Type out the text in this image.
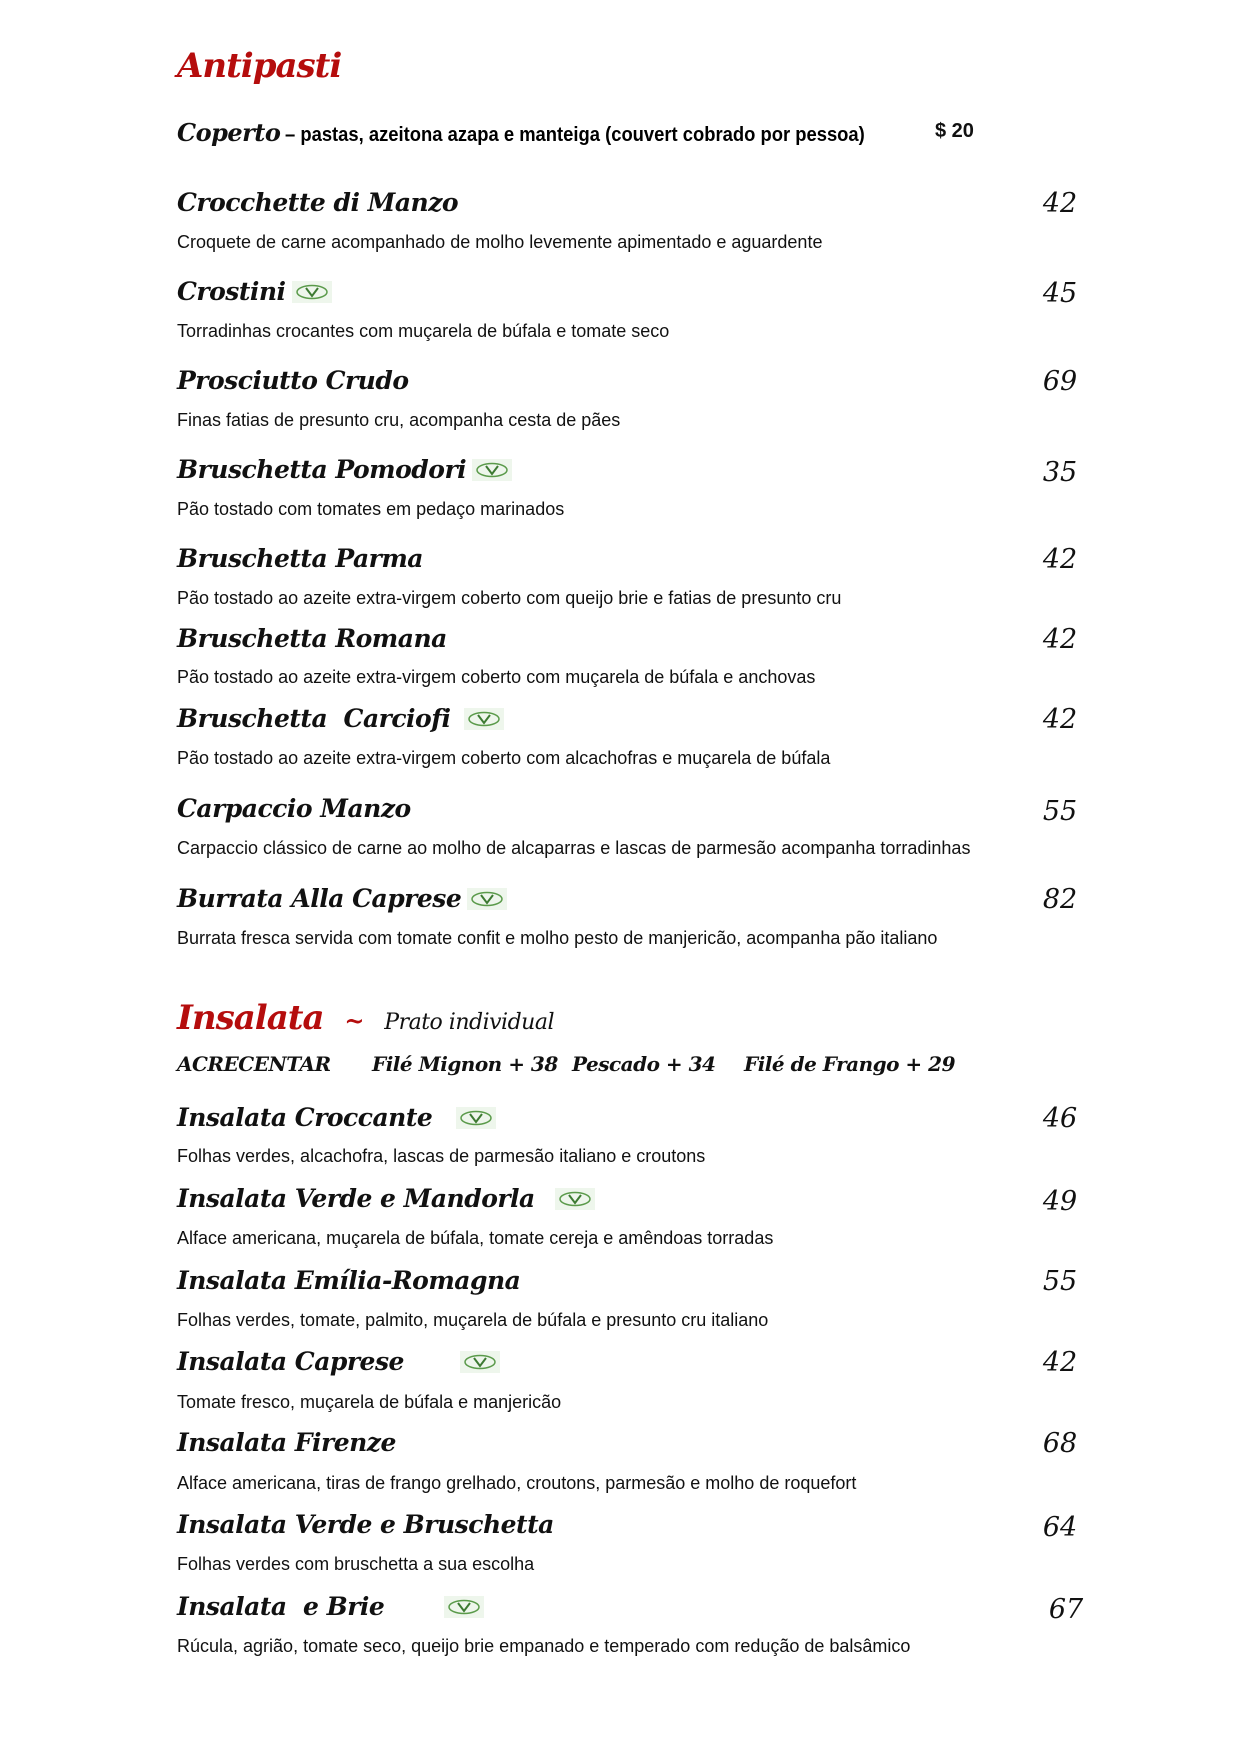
Antipasti
Coperto – pastas, azeitona azapa e manteiga (couvert cobrado por pessoa)	$ 20
Crocchette di Manzo	42
Croquete de carne acompanhado de molho levemente apimentado e aguardente
Crostini	45
Torradinhas crocantes com muçarela de búfala e tomate seco
Prosciutto Crudo	69
Finas fatias de presunto cru, acompanha cesta de pães
Bruschetta Pomodori	35
Pão tostado com tomates em pedaço marinados
Bruschetta Parma	42
Pão tostado ao azeite extra-virgem coberto com queijo brie e fatias de presunto cru
Bruschetta Romana	42
Pão tostado ao azeite extra-virgem coberto com muçarela de búfala e anchovas
Bruschetta  Carciofi	42
Pão tostado ao azeite extra-virgem coberto com alcachofras e muçarela de búfala
Carpaccio Manzo	55
Carpaccio clássico de carne ao molho de alcaparras e lascas de parmesão acompanha torradinhas
Burrata Alla Caprese	82
Burrata fresca servida com tomate confit e molho pesto de manjericão, acompanha pão italiano
Insalata ~ Prato individual
ACRECENTAR Filé Mignon + 38 Pescado + 34 Filé de Frango + 29
Insalata Croccante	46
Folhas verdes, alcachofra, lascas de parmesão italiano e croutons
Insalata Verde e Mandorla	49
Alface americana, muçarela de búfala, tomate cereja e amêndoas torradas
Insalata Emília-Romagna	55
Folhas verdes, tomate, palmito, muçarela de búfala e presunto cru italiano
Insalata Caprese	42
Tomate fresco, muçarela de búfala e manjericão
Insalata Firenze	68
Alface americana, tiras de frango grelhado, croutons, parmesão e molho de roquefort
Insalata Verde e Bruschetta	64
Folhas verdes com bruschetta a sua escolha
Insalata  e Brie	67
Rúcula, agrião, tomate seco, queijo brie empanado e temperado com redução de balsâmico
